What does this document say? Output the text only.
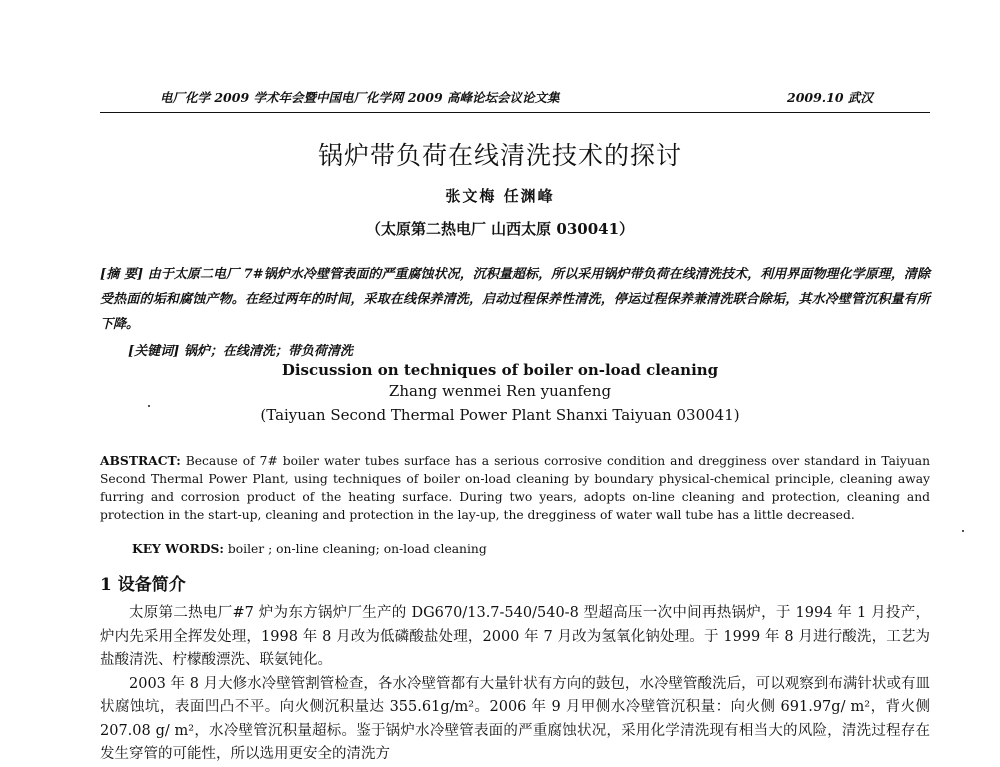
电厂化学 2009 学术年会暨中国电厂化学网 2009 高峰论坛会议论文集	2009.10 武汉
锅炉带负荷在线清洗技术的探讨
张文梅 任渊峰
（太原第二热电厂 山西太原 030041）
[摘 要] 由于太原二电厂 7#锅炉水冷壁管表面的严重腐蚀状况，沉积量超标，所以采用锅炉带负荷在线清洗技术，利用界面物理化学原理，清除受热面的垢和腐蚀产物。在经过两年的时间，采取在线保养清洗，启动过程保养性清洗，停运过程保养兼清洗联合除垢，其水冷壁管沉积量有所下降。
[关键词] 锅炉；在线清洗；带负荷清洗
Discussion on techniques of boiler on-load cleaning
Zhang wenmei Ren yuanfeng
(Taiyuan Second Thermal Power Plant Shanxi Taiyuan 030041)
ABSTRACT: Because of 7# boiler water tubes surface has a serious corrosive condition and dregginess over standard in Taiyuan Second Thermal Power Plant, using techniques of boiler on-load cleaning by boundary physical-chemical principle, cleaning away furring and corrosion product of the heating surface. During two years, adopts on-line cleaning and protection, cleaning and protection in the start-up, cleaning and protection in the lay-up, the dregginess of water wall tube has a little decreased.
KEY WORDS: boiler ; on-line cleaning; on-load cleaning
1 设备简介

太原第二热电厂#7 炉为东方锅炉厂生产的 DG670/13.7-540/540-8 型超高压一次中间再热锅炉，于 1994 年 1 月投产，炉内先采用全挥发处理，1998 年 8 月改为低磷酸盐处理，2000 年 7 月改为氢氧化钠处理。于 1999 年 8 月进行酸洗，工艺为盐酸清洗、柠檬酸漂洗、联氨钝化。

2003 年 8 月大修水冷壁管割管检查，各水冷壁管都有大量针状有方向的鼓包，水冷壁管酸洗后，可以观察到布满针状或有皿状腐蚀坑，表面凹凸不平。向火侧沉积量达 355.61g/m²。2006 年 9 月甲侧水冷壁管沉积量：向火侧 691.97g/ m²，背火侧 207.08 g/ m²，水冷壁管沉积量超标。鉴于锅炉水冷壁管表面的严重腐蚀状况，采用化学清洗现有相当大的风险，清洗过程存在发生穿管的可能性，所以选用更安全的清洗方
